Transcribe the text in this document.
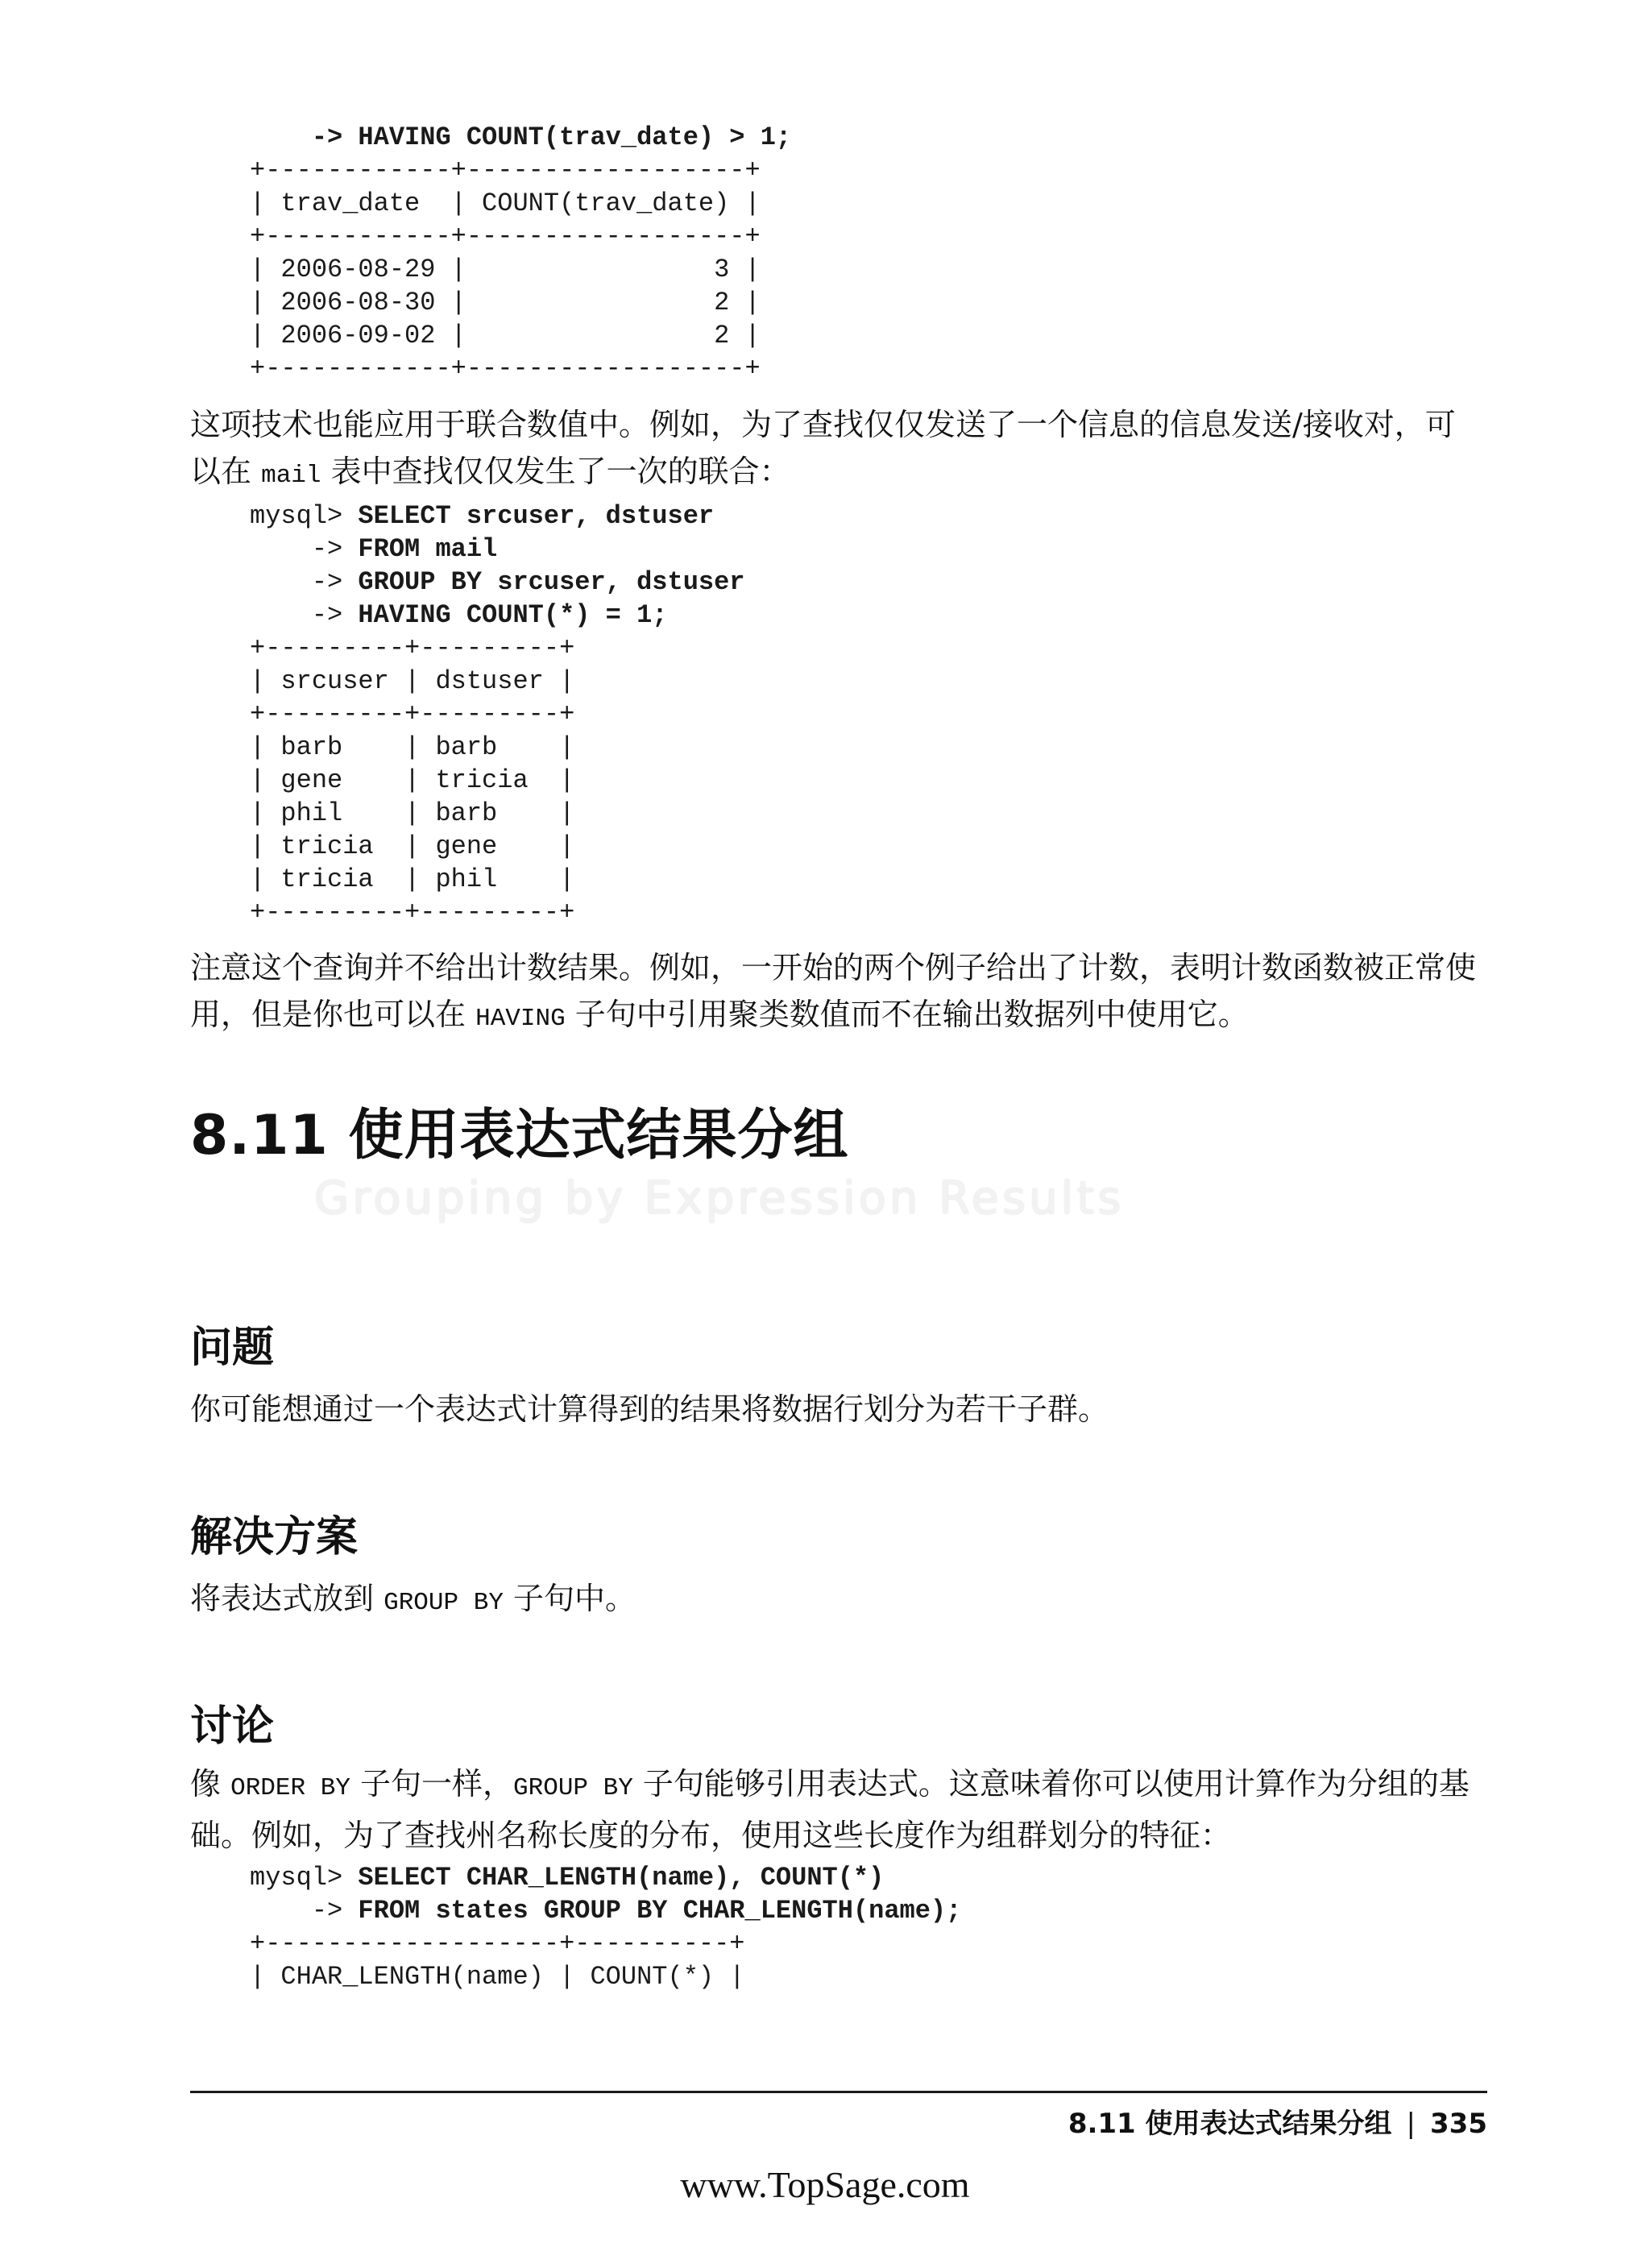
-> HAVING COUNT(trav_date) > 1;
+------------+------------------+
| trav_date  | COUNT(trav_date) |
+------------+------------------+
| 2006-08-29 |                3 |
| 2006-08-30 |                2 |
| 2006-09-02 |                2 |
+------------+------------------+

这项技术也能应用于联合数值中。例如，为了查找仅仅发送了一个信息的信息发送/接收对，可以在 mail 表中查找仅仅发生了一次的联合：

mysql> SELECT srcuser, dstuser
-> FROM mail
-> GROUP BY srcuser, dstuser
-> HAVING COUNT(*) = 1;
+---------+---------+
| srcuser | dstuser |
+---------+---------+
| barb    | barb    |
| gene    | tricia  |
| phil    | barb    |
| tricia  | gene    |
| tricia  | phil    |
+---------+---------+

注意这个查询并不给出计数结果。例如，一开始的两个例子给出了计数，表明计数函数被正常使用，但是你也可以在 HAVING 子句中引用聚类数值而不在输出数据列中使用它。

8.11 使用表达式结果分组
Grouping by Expression Results
问题

你可能想通过一个表达式计算得到的结果将数据行划分为若干子群。

解决方案

将表达式放到 GROUP BY 子句中。

讨论

像 ORDER BY 子句一样，GROUP BY 子句能够引用表达式。这意味着你可以使用计算作为分组的基础。例如，为了查找州名称长度的分布，使用这些长度作为组群划分的特征：

mysql> SELECT CHAR_LENGTH(name), COUNT(*)
-> FROM states GROUP BY CHAR_LENGTH(name);
+-------------------+----------+
| CHAR_LENGTH(name) | COUNT(*) |
8.11 使用表达式结果分组 | 335
www.TopSage.com
